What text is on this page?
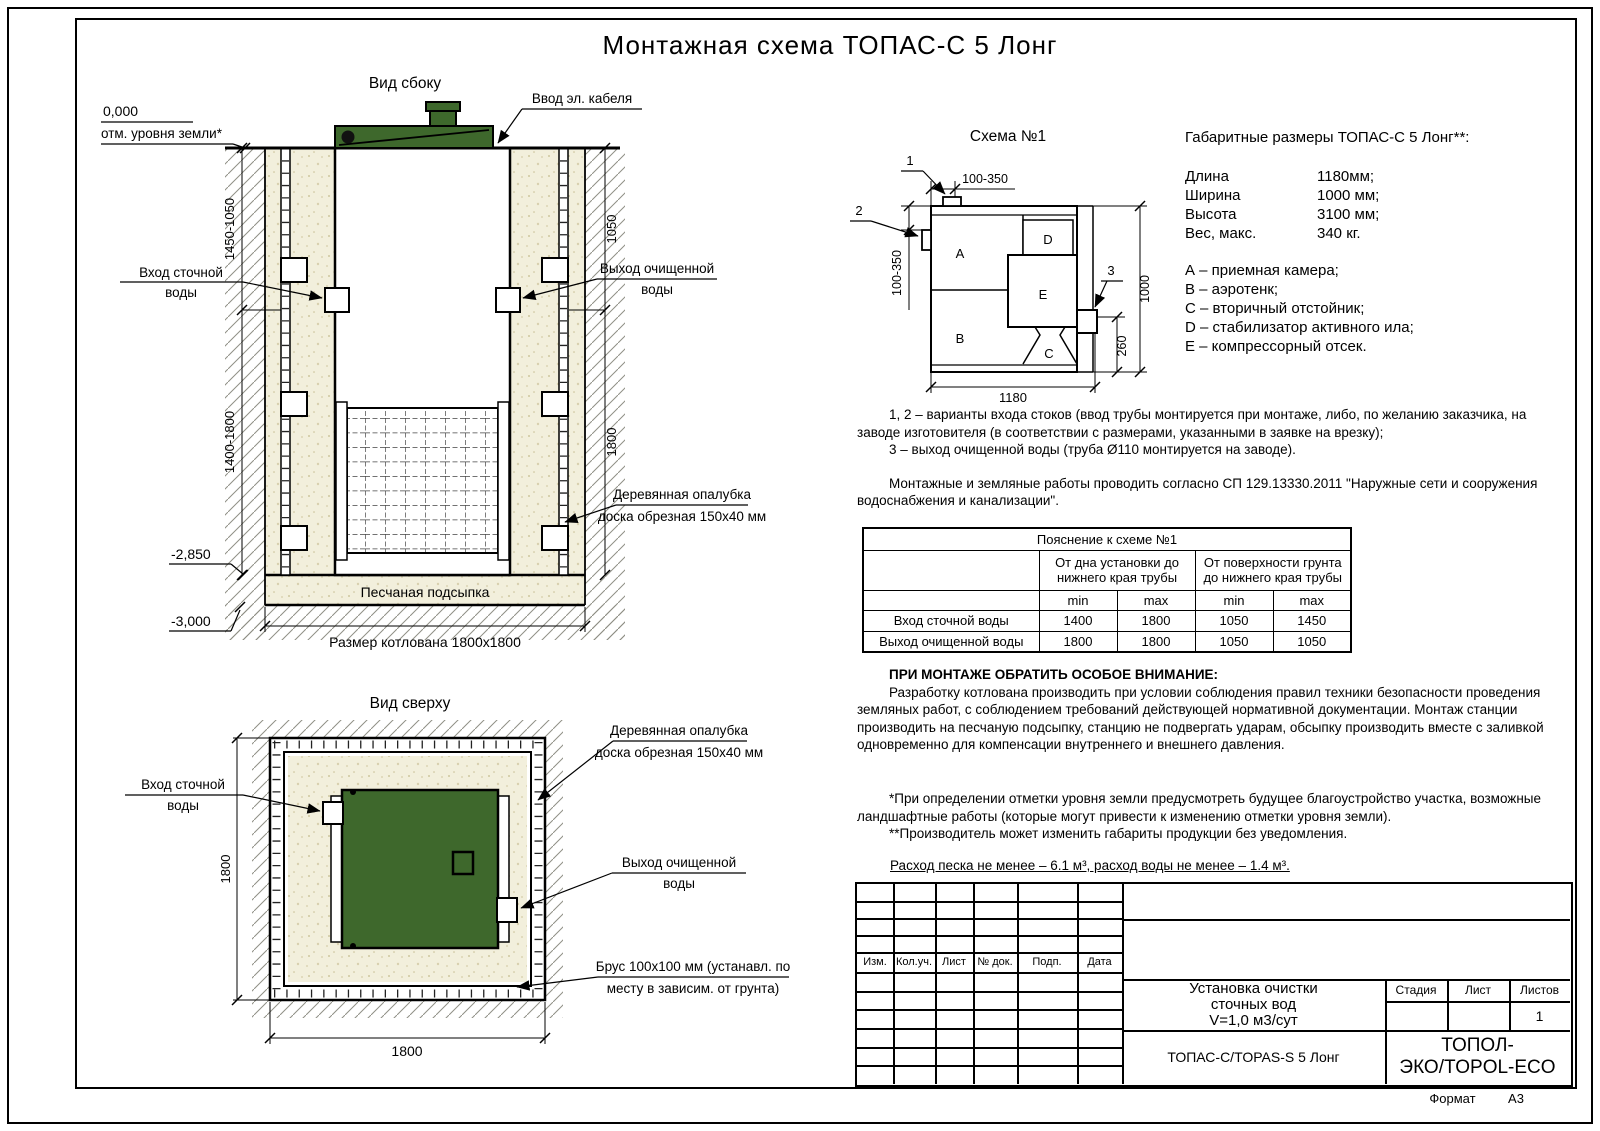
Монтажная схема ТОПАС-С 5 Лонг
Вид сбоку
1450-1050
1400-1800
1050
1800
Размер котлована 1800х1800
Песчаная подсыпка
0,000
отм. уровня земли*
-2,850
-3,000
Ввод эл. кабеля
Вход сточной
воды
Выход очищенной
воды
Деревянная опалубка
доска обрезная 150х40 мм
Вид сверху
1800
1800
Вход сточной
воды
Деревянная опалубка
доска обрезная 150х40 мм
Выход очищенной
воды
Брус 100х100 мм (устанавл. по
месту в зависим. от грунта)
Схема №1
A
B
D
E
C
1
2
3
100-350
100-350	1000
260
1180
Габаритные размеры ТОПАС-С 5 Лонг**:
Длина	1180мм;
Ширина	1000 мм;
Высота	3100 мм;
Вес, макс.	340 кг.
А – приемная камера;
В – аэротенк;
С – вторичный отстойник;
D – стабилизатор активного ила;
Е – компрессорный отсек.

1, 2 – варианты входа стоков (ввод трубы монтируется при монтаже, либо, по желанию заказчика, на заводе изготовителя (в соответствии с размерами, указанными в заявке на врезку);

3 – выход очищенной воды (труба Ø110 монтируется на заводе).

Монтажные и земляные работы проводить согласно СП 129.13330.2011 "Наружные сети и сооружения водоснабжения и канализации".

Пояснение к схеме №1				
	От дна установки до нижнего края трубы		От поверхности грунта до нижнего края трубы	
	min	max	min	max
Вход сточной воды	1400	1800	1050	1450
Выход очищенной воды	1800	1800	1050	1050
ПРИ МОНТАЖЕ ОБРАТИТЬ ОСОБОЕ ВНИМАНИЕ:

Разработку котлована производить при условии соблюдения правил техники безопасности проведения земляных работ, с соблюдением требований действующей нормативной документации. Монтаж станции производить на песчаную подсыпку, станцию не подвергать ударам, обсыпку производить вместе с заливкой одновременно для компенсации внутреннего и внешнего давления.

*При определении отметки уровня земли предусмотреть будущее благоустройство участка, возможные ландшафтные работы (которые могут привести к изменению отметки уровня земли).

**Производитель может изменить габариты продукции без уведомления.

Расход песка не менее – 6.1 м³, расход воды не менее – 1.4 м³.
Изм. Кол.уч. Лист	№ док.	Подп.	Дата
Установка очистки
сточных вод
V=1,0 м3/сут
Стадия	Лист	Листов
1
ТОПАС-С/TOPAS-S 5 Лонг
ТОПОЛ-ЭКО/TOPOL-ECO
Формат	А3
